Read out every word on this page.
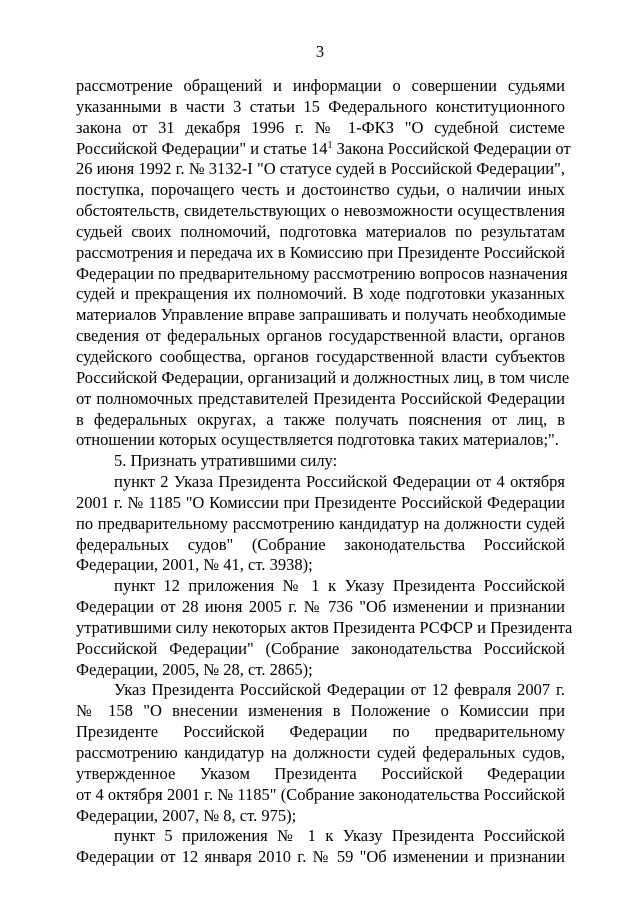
3
рассмотрение обращений и информации о совершении судьями
указанными в части 3 статьи 15 Федерального конституционного
закона от 31 декабря 1996 г. № 1-ФКЗ "О судебной системе
Российской Федерации" и статье $14^1$ Закона Российской Федерации от
26 июня 1992 г. № 3132-I "О статусе судей в Российской Федерации",
поступка, порочащего честь и достоинство судьи, о наличии иных
обстоятельств, свидетельствующих о невозможности осуществления
судьей своих полномочий, подготовка материалов по результатам
рассмотрения и передача их в Комиссию при Президенте Российской
Федерации по предварительному рассмотрению вопросов назначения
судей и прекращения их полномочий. В ходе подготовки указанных
материалов Управление вправе запрашивать и получать необходимые
сведения от федеральных органов государственной власти, органов
судейского сообщества, органов государственной власти субъектов
Российской Федерации, организаций и должностных лиц, в том числе
от полномочных представителей Президента Российской Федерации
в федеральных округах, а также получать пояснения от лиц, в
отношении которых осуществляется подготовка таких материалов;".
5. Признать утратившими силу:
пункт 2 Указа Президента Российской Федерации от 4 октября
2001 г. № 1185 "О Комиссии при Президенте Российской Федерации
по предварительному рассмотрению кандидатур на должности судей
федеральных судов" (Собрание законодательства Российской
Федерации, 2001, № 41, ст. 3938);
пункт 12 приложения № 1 к Указу Президента Российской
Федерации от 28 июня 2005 г. № 736 "Об изменении и признании
утратившими силу некоторых актов Президента РСФСР и Президента
Российской Федерации" (Собрание законодательства Российской
Федерации, 2005, № 28, ст. 2865);
Указ Президента Российской Федерации от 12 февраля 2007 г.
№ 158 "О внесении изменения в Положение о Комиссии при
Президенте Российской Федерации по предварительному
рассмотрению кандидатур на должности судей федеральных судов,
утвержденное Указом Президента Российской Федерации
от 4 октября 2001 г. № 1185" (Собрание законодательства Российской
Федерации, 2007, № 8, ст. 975);
пункт 5 приложения № 1 к Указу Президента Российской
Федерации от 12 января 2010 г. № 59 "Об изменении и признании
